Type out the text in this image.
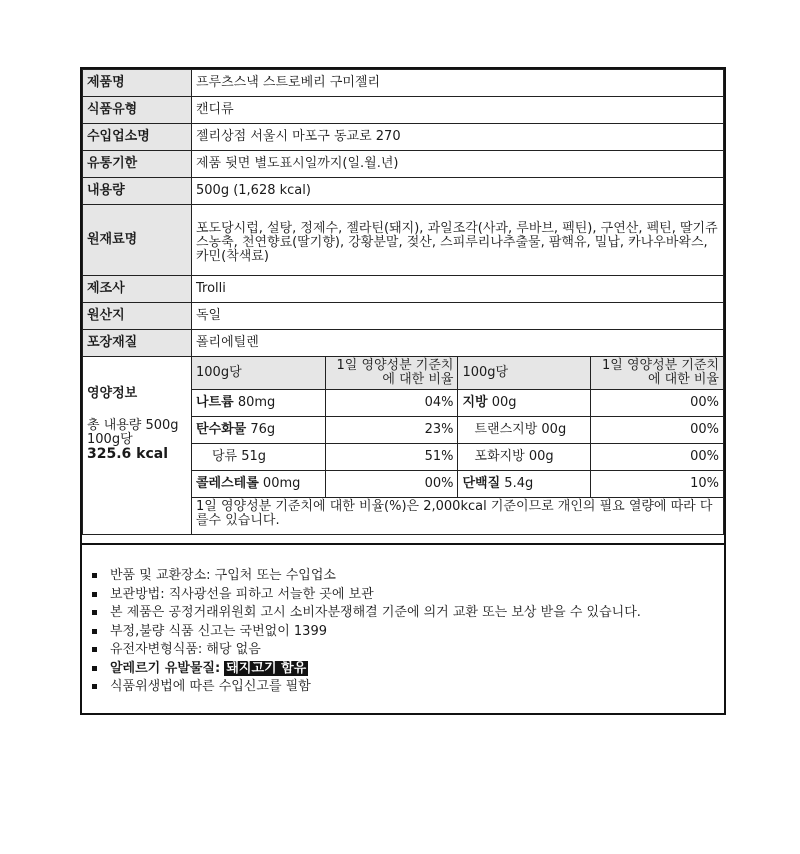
제품명	프루츠스낵 스트로베리 구미젤리
식품유형	캔디류
수입업소명	젤리상점 서울시 마포구 동교로 270
유통기한	제품 뒷면 별도표시일까지(일.월.년)
내용량	500g (1,628 kcal)
원재료명	포도당시럽, 설탕, 정제수, 젤라틴(돼지), 과일조각(사과, 루바브, 펙틴), 구연산, 펙틴, 딸기쥬스농축, 천연향료(딸기향), 강황분말, 젖산, 스피루리나추출물, 팜핵유, 밀납, 카나우바왁스, 카민(착색료)
제조사	Trolli
원산지	독일
포장재질	폴리에틸렌

영양정보
총 내용량 500g
100g당
325.6 kcal

100g당	1일 영양성분 기준치에 대한 비율	100g당	1일 영양성분 기준치에 대한 비율
나트륨 80mg	04%	지방 00g	00%
탄수화물 76g	23%	트랜스지방 00g	00%
당류 51g	51%	포화지방 00g	00%
콜레스테롤 00mg	00%	단백질 5.4g	10%
1일 영양성분 기준치에 대한 비율(%)은 2,000kcal 기준이므로 개인의 필요 열량에 따라 다를수 있습니다.
반품 및 교환장소: 구입처 또는 수입업소
보관방법: 직사광선을 피하고 서늘한 곳에 보관
본 제품은 공정거래위원회 고시 소비자분쟁해결 기준에 의거 교환 또는 보상 받을 수 있습니다.
부정,불량 식품 신고는 국번없이 1399
유전자변형식품: 해당 없음
알레르기 유발물질: 돼지고기 함유
식품위생법에 따른 수입신고를 필함
